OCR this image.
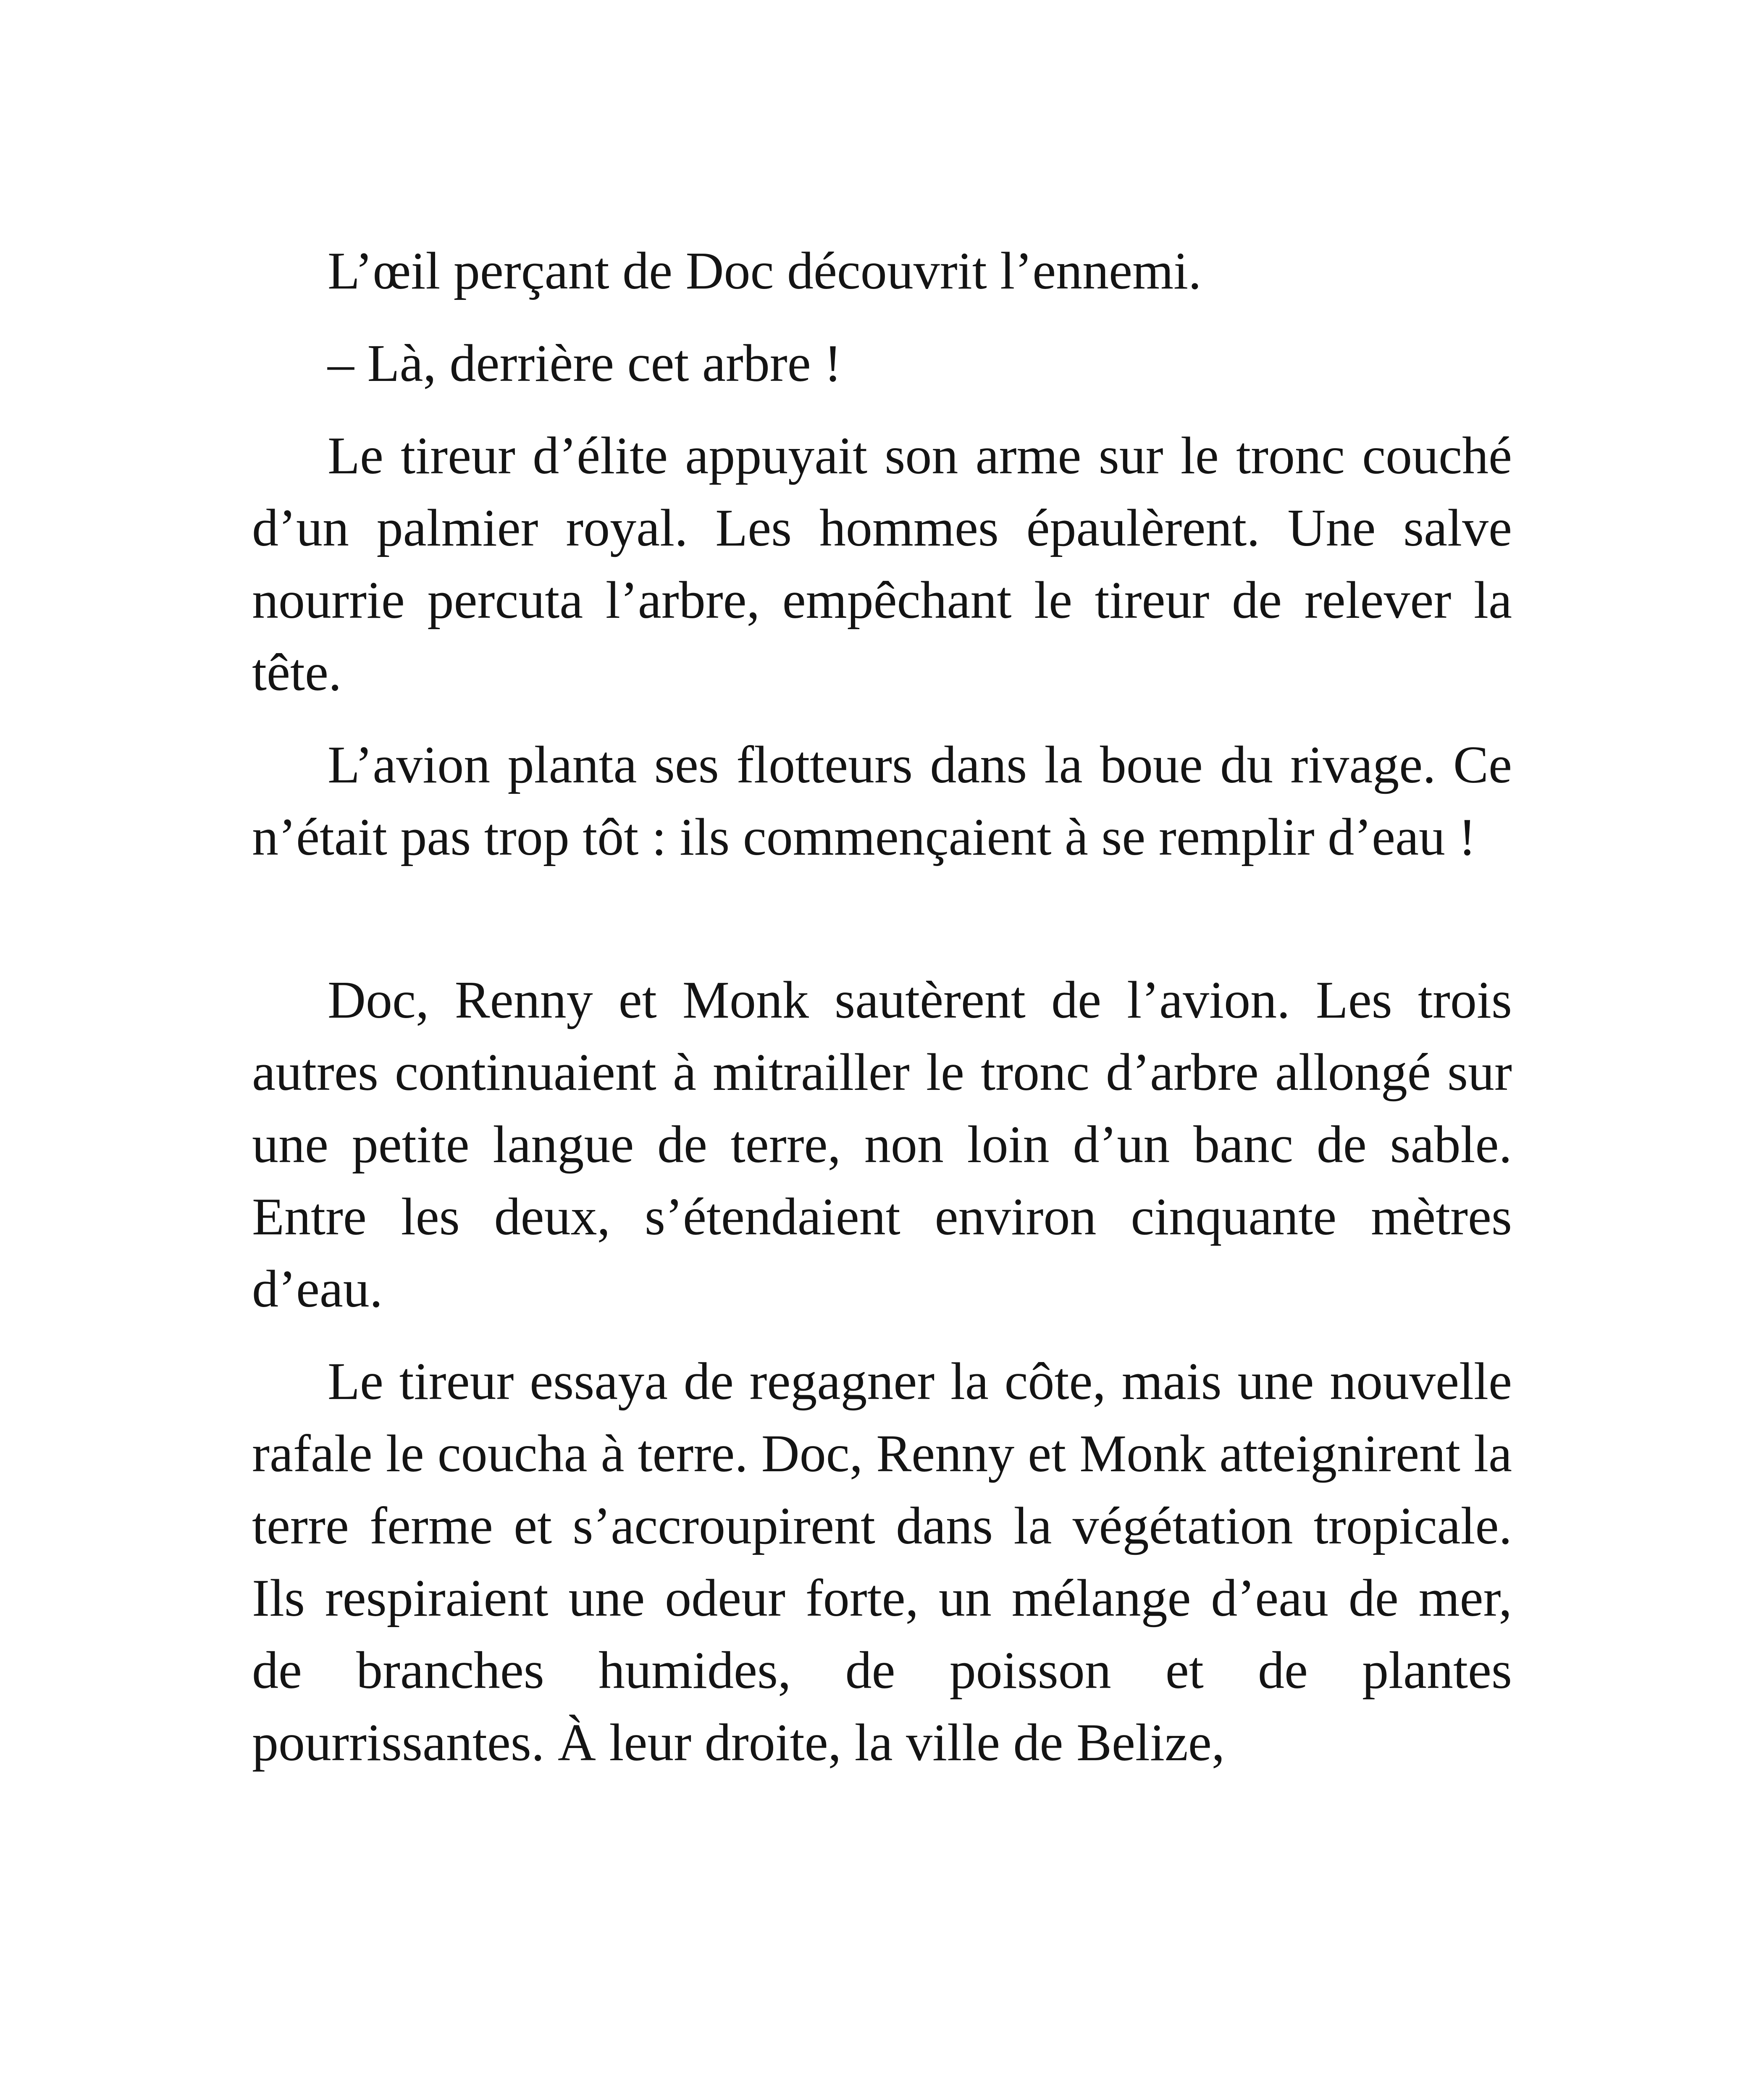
L’œil perçant de Doc découvrit l’ennemi.

– Là, derrière cet arbre !

Le tireur d’élite appuyait son arme sur le tronc couché d’un palmier royal. Les hommes épaulèrent. Une salve nourrie percuta l’arbre, empêchant le tireur de relever la tête.

L’avion planta ses flotteurs dans la boue du rivage. Ce n’était pas trop tôt : ils commençaient à se remplir d’eau !

Doc, Renny et Monk sautèrent de l’avion. Les trois autres continuaient à mitrailler le tronc d’arbre allongé sur une petite langue de terre, non loin d’un banc de sable. Entre les deux, s’étendaient environ cinquante mètres d’eau.

Le tireur essaya de regagner la côte, mais une nouvelle rafale le coucha à terre. Doc, Renny et Monk atteignirent la terre ferme et s’accroupirent dans la végétation tropicale. Ils respiraient une odeur forte, un mélange d’eau de mer, de branches humides, de poisson et de plantes pourrissantes. À leur droite, la ville de Belize,
